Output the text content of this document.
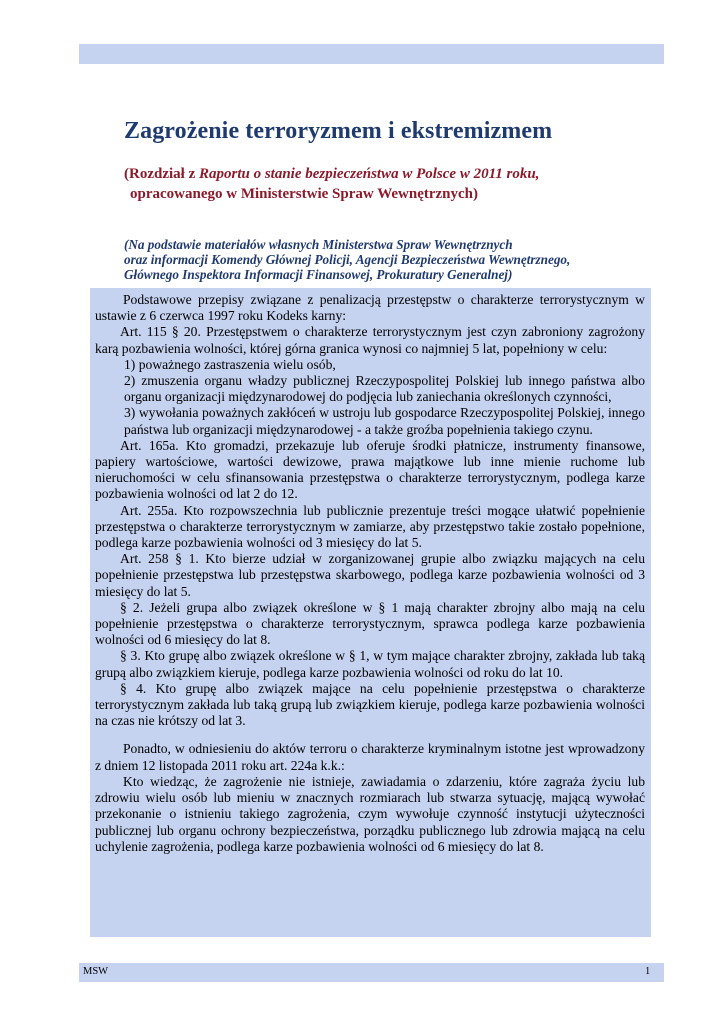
Zagrożenie terroryzmem i ekstremizmem
(Rozdział z Raportu o stanie bezpieczeństwa w Polsce w 2011 roku,
opracowanego w Ministerstwie Spraw Wewnętrznych)
(Na podstawie materiałów własnych Ministerstwa Spraw Wewnętrznych
oraz informacji Komendy Głównej Policji, Agencji Bezpieczeństwa Wewnętrznego,
Głównego Inspektora Informacji Finansowej, Prokuratury Generalnej)

Podstawowe przepisy związane z penalizacją przestępstw o charakterze terrorystycznym w ustawie z 6 czerwca 1997 roku Kodeks karny:

Art. 115 § 20. Przestępstwem o charakterze terrorystycznym jest czyn zabroniony zagrożony karą pozbawienia wolności, której górna granica wynosi co najmniej 5 lat, popełniony w celu:

1) poważnego zastraszenia wielu osób,

2) zmuszenia organu władzy publicznej Rzeczypospolitej Polskiej lub innego państwa albo organu organizacji międzynarodowej do podjęcia lub zaniechania określonych czynności,

3) wywołania poważnych zakłóceń w ustroju lub gospodarce Rzeczypospolitej Polskiej, innego państwa lub organizacji międzynarodowej - a także groźba popełnienia takiego czynu.

Art. 165a. Kto gromadzi, przekazuje lub oferuje środki płatnicze, instrumenty finansowe, papiery wartościowe, wartości dewizowe, prawa majątkowe lub inne mienie ruchome lub nieruchomości w celu sfinansowania przestępstwa o charakterze terrorystycznym, podlega karze pozbawienia wolności od lat 2 do 12.

Art. 255a. Kto rozpowszechnia lub publicznie prezentuje treści mogące ułatwić popełnienie przestępstwa o charakterze terrorystycznym w zamiarze, aby przestępstwo takie zostało popełnione, podlega karze pozbawienia wolności od 3 miesięcy do lat 5.

Art. 258 § 1. Kto bierze udział w zorganizowanej grupie albo związku mających na celu popełnienie przestępstwa lub przestępstwa skarbowego, podlega karze pozbawienia wolności od 3 miesięcy do lat 5.

§ 2. Jeżeli grupa albo związek określone w § 1 mają charakter zbrojny albo mają na celu popełnienie przestępstwa o charakterze terrorystycznym, sprawca podlega karze pozbawienia wolności od 6 miesięcy do lat 8.

§ 3. Kto grupę albo związek określone w § 1, w tym mające charakter zbrojny, zakłada lub taką grupą albo związkiem kieruje, podlega karze pozbawienia wolności od roku do lat 10.

§ 4. Kto grupę albo związek mające na celu popełnienie przestępstwa o charakterze terrorystycznym zakłada lub taką grupą lub związkiem kieruje, podlega karze pozbawienia wolności na czas nie krótszy od lat 3.

Ponadto, w odniesieniu do aktów terroru o charakterze kryminalnym istotne jest wprowadzony z dniem 12 listopada 2011 roku art. 224a k.k.:

Kto wiedząc, że zagrożenie nie istnieje, zawiadamia o zdarzeniu, które zagraża życiu lub zdrowiu wielu osób lub mieniu w znacznych rozmiarach lub stwarza sytuację, mającą wywołać przekonanie o istnieniu takiego zagrożenia, czym wywołuje czynność instytucji użyteczności publicznej lub organu ochrony bezpieczeństwa, porządku publicznego lub zdrowia mającą na celu uchylenie zagrożenia, podlega karze pozbawienia wolności od 6 miesięcy do lat 8.

MSW	1
